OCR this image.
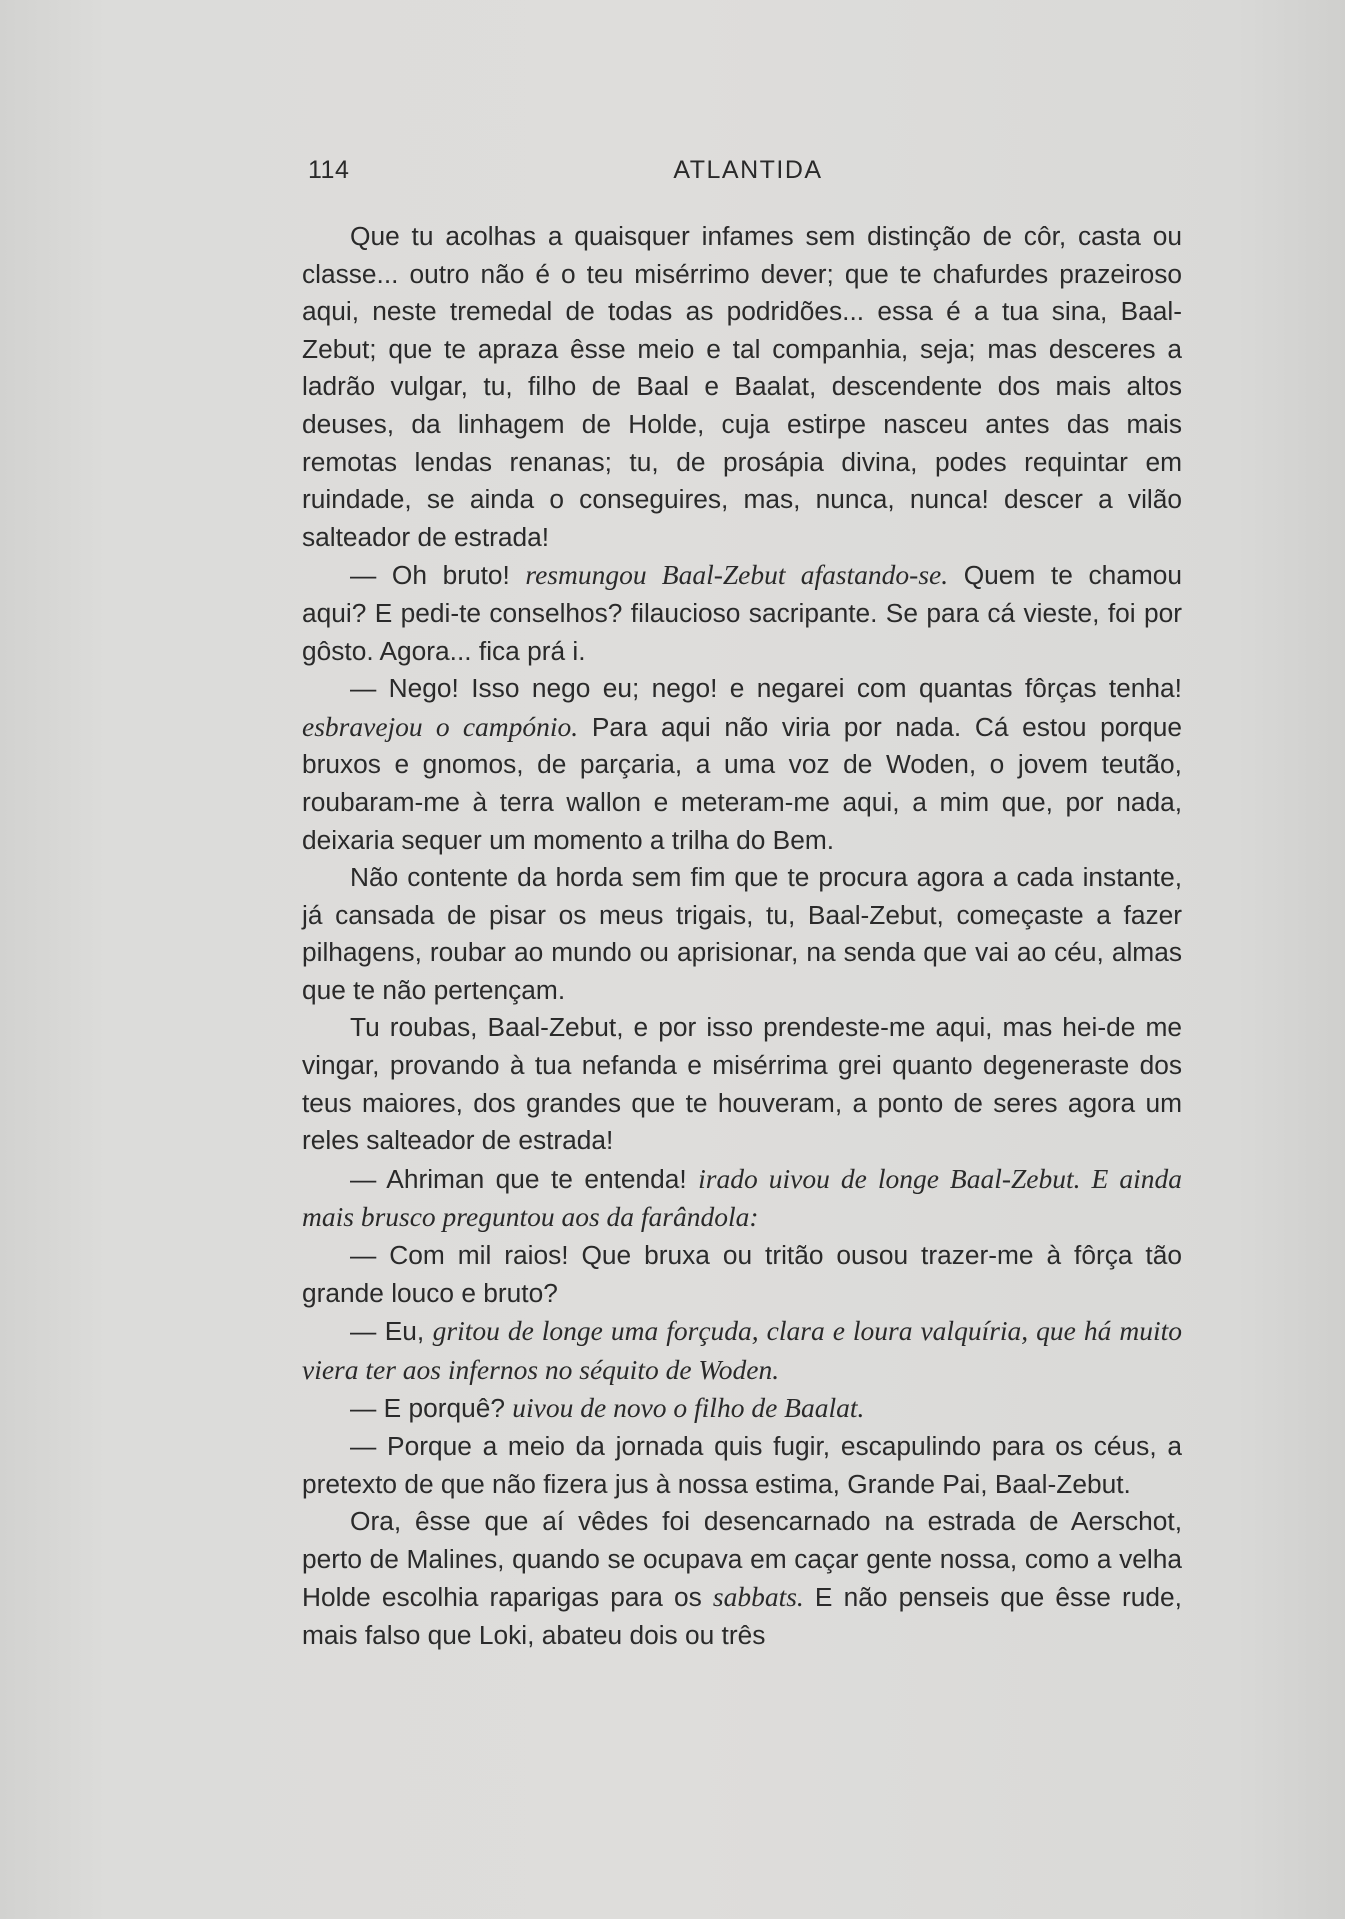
114	ATLANTIDA

Que tu acolhas a quaisquer infames sem distinção de côr, casta ou classe... outro não é o teu misérrimo dever; que te chafurdes prazeiroso aqui, neste tremedal de todas as podridões... essa é a tua sina, Baal-Zebut; que te apraza êsse meio e tal companhia, seja; mas desceres a ladrão vulgar, tu, filho de Baal e Baalat, descendente dos mais altos deuses, da linhagem de Holde, cuja estirpe nasceu antes das mais remotas lendas renanas; tu, de prosápia divina, podes requintar em ruindade, se ainda o conseguires, mas, nunca, nunca! descer a vilão salteador de estrada!

— Oh bruto! resmungou Baal-Zebut afastando-se. Quem te chamou aqui? E pedi-te conselhos? filaucioso sacripante. Se para cá vieste, foi por gôsto. Agora... fica prá i.

— Nego! Isso nego eu; nego! e negarei com quantas fôrças tenha! esbravejou o campónio. Para aqui não viria por nada. Cá estou porque bruxos e gnomos, de parçaria, a uma voz de Woden, o jovem teutão, roubaram-me à terra wallon e meteram-me aqui, a mim que, por nada, deixaria sequer um momento a trilha do Bem.

Não contente da horda sem fim que te procura agora a cada instante, já cansada de pisar os meus trigais, tu, Baal-Zebut, começaste a fazer pilhagens, roubar ao mundo ou aprisionar, na senda que vai ao céu, almas que te não pertençam.

Tu roubas, Baal-Zebut, e por isso prendeste-me aqui, mas hei-de me vingar, provando à tua nefanda e misérrima grei quanto degeneraste dos teus maiores, dos grandes que te houveram, a ponto de seres agora um reles salteador de estrada!

— Ahriman que te entenda! irado uivou de longe Baal-Zebut. E ainda mais brusco preguntou aos da farândola:

— Com mil raios! Que bruxa ou tritão ousou trazer-me à fôrça tão grande louco e bruto?

— Eu, gritou de longe uma forçuda, clara e loura valquíria, que há muito viera ter aos infernos no séquito de Woden.

— E porquê? uivou de novo o filho de Baalat.

— Porque a meio da jornada quis fugir, escapulindo para os céus, a pretexto de que não fizera jus à nossa estima, Grande Pai, Baal-Zebut.

Ora, êsse que aí vêdes foi desencarnado na estrada de Aerschot, perto de Malines, quando se ocupava em caçar gente nossa, como a velha Holde escolhia raparigas para os sabbats. E não penseis que êsse rude, mais falso que Loki, abateu dois ou três
